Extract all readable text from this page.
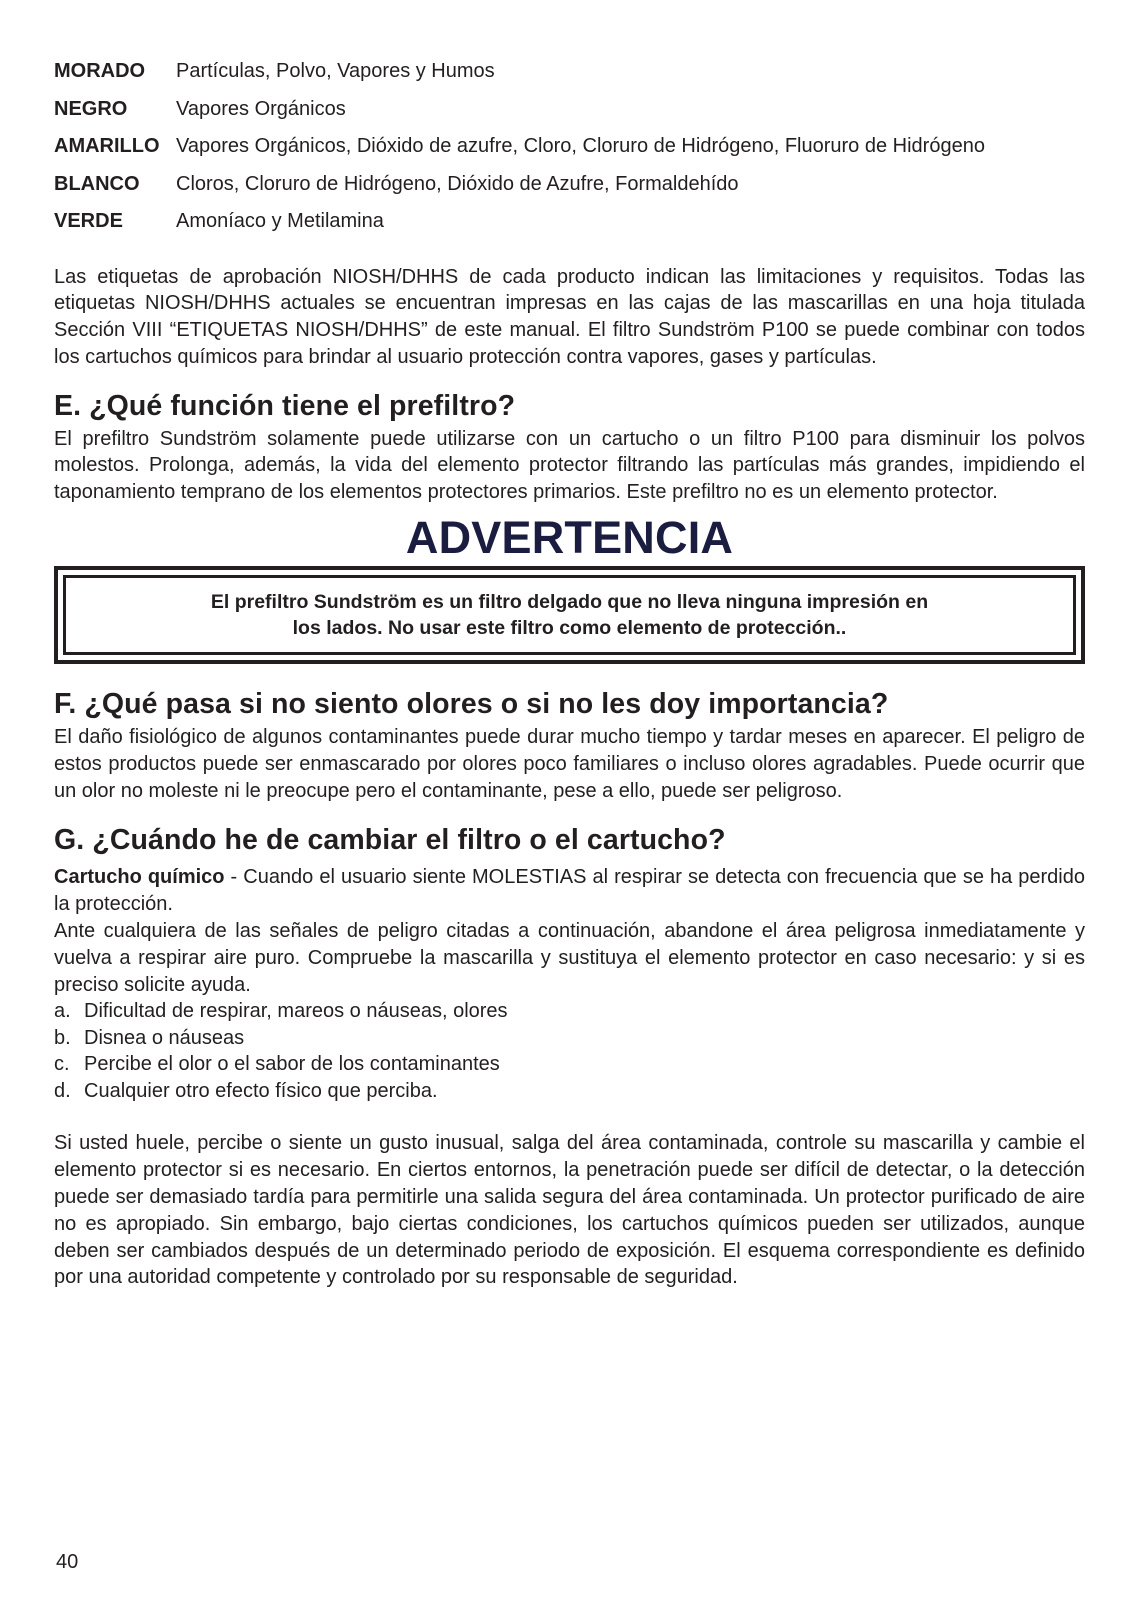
MORADO	Partículas, Polvo, Vapores y Humos
NEGRO	Vapores Orgánicos
AMARILLO Vapores Orgánicos, Dióxido de azufre, Cloro, Cloruro de Hidrógeno, Fluoruro de Hidrógeno
BLANCO	Cloros, Cloruro de Hidrógeno, Dióxido de Azufre, Formaldehído
VERDE	Amoníaco y Metilamina

Las etiquetas de aprobación NIOSH/DHHS de cada producto indican las limitaciones y requisitos. Todas las etiquetas NIOSH/DHHS actuales se encuentran impresas en las cajas de las mascarillas en una hoja titulada Sección VIII “ETIQUETAS NIOSH/DHHS” de este manual. El filtro Sundström P100 se puede combinar con todos los cartuchos químicos para brindar al usuario protección contra vapores, gases y partículas.

E. ¿Qué función tiene el prefiltro?

El prefiltro Sundström solamente puede utilizarse con un cartucho o un filtro P100 para disminuir los polvos molestos. Prolonga, además, la vida del elemento protector filtrando las partículas más grandes, impidiendo el taponamiento temprano de los elementos protectores primarios. Este prefiltro no es un elemento protector.

ADVERTENCIA
El prefiltro Sundström es un filtro delgado que no lleva ninguna impresión en
los lados. No usar este filtro como elemento de protección..
F. ¿Qué pasa si no siento olores o si no les doy importancia?

El daño fisiológico de algunos contaminantes puede durar mucho tiempo y tardar meses en aparecer. El peligro de estos productos puede ser enmascarado por olores poco familiares o incluso olores agradables. Puede ocurrir que un olor no moleste ni le preocupe pero el contaminante, pese a ello, puede ser peligroso.

G. ¿Cuándo he de cambiar el filtro o el cartucho?

Cartucho químico - Cuando el usuario siente MOLESTIAS al respirar se detecta con frecuencia que se ha perdido la protección.

Ante cualquiera de las señales de peligro citadas a continuación, abandone el área peligrosa inmediatamente y vuelva a respirar aire puro. Compruebe la mascarilla y sustituya el elemento protector en caso necesario: y si es preciso solicite ayuda.

a. Dificultad de respirar, mareos o náuseas, olores
b. Disnea o náuseas
c. Percibe el olor o el sabor de los contaminantes
d. Cualquier otro efecto físico que perciba.

Si usted huele, percibe o siente un gusto inusual, salga del área contaminada, controle su mascarilla y cambie el elemento protector si es necesario. En ciertos entornos, la penetración puede ser difícil de detectar, o la detección puede ser demasiado tardía para permitirle una salida segura del área contaminada. Un protector purificado de aire no es apropiado. Sin embargo, bajo ciertas condiciones, los cartuchos químicos pueden ser utilizados, aunque deben ser cambiados después de un determinado periodo de exposición. El esquema correspondiente es definido por una autoridad competente y controlado por su responsable de seguridad.

40
